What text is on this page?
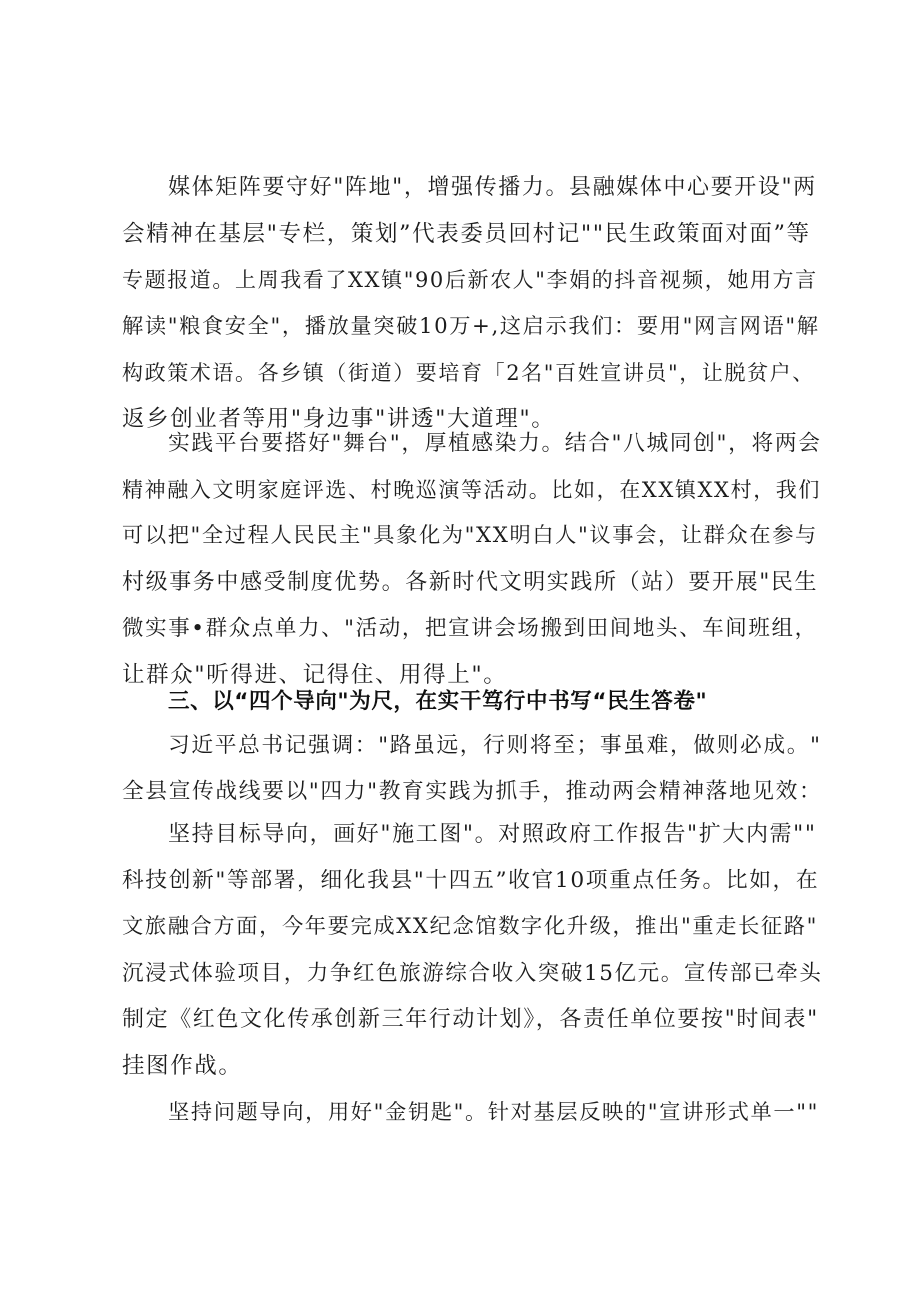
媒体矩阵要守好"阵地"，增强传播力。县融媒体中心要开设"两
会精神在基层"专栏，策划”代表委员回村记""民生政策面对面”等
专题报道。上周我看了XX镇"90后新农人"李娟的抖音视频，她用方言
解读"粮食安全"，播放量突破10万+,这启示我们：要用"网言网语"解
构政策术语。各乡镇（街道）要培育「2名"百姓宣讲员"，让脱贫户、
返乡创业者等用"身边事"讲透"大道理"。

实践平台要搭好"舞台"，厚植感染力。结合"八城同创"，将两会
精神融入文明家庭评选、村晚巡演等活动。比如，在XX镇XX村，我们
可以把"全过程人民民主"具象化为"XX明白人"议事会，让群众在参与
村级事务中感受制度优势。各新时代文明实践所（站）要开展"民生
微实事•群众点单力、"活动，把宣讲会场搬到田间地头、车间班组，
让群众"听得进、记得住、用得上"。

三、以“四个导向"为尺，在实干笃行中书写“民生答卷"

习近平总书记强调："路虽远，行则将至；事虽难，做则必成。"
全县宣传战线要以"四力"教育实践为抓手，推动两会精神落地见效：

坚持目标导向，画好"施工图"。对照政府工作报告"扩大内需""
科技创新"等部署，细化我县"十四五”收官10项重点任务。比如，在
文旅融合方面，今年要完成XX纪念馆数字化升级，推出"重走长征路"
沉浸式体验项目，力争红色旅游综合收入突破15亿元。宣传部已牵头
制定《红色文化传承创新三年行动计划》，各责任单位要按"时间表"
挂图作战。

坚持问题导向，用好"金钥匙"。针对基层反映的"宣讲形式单一""
